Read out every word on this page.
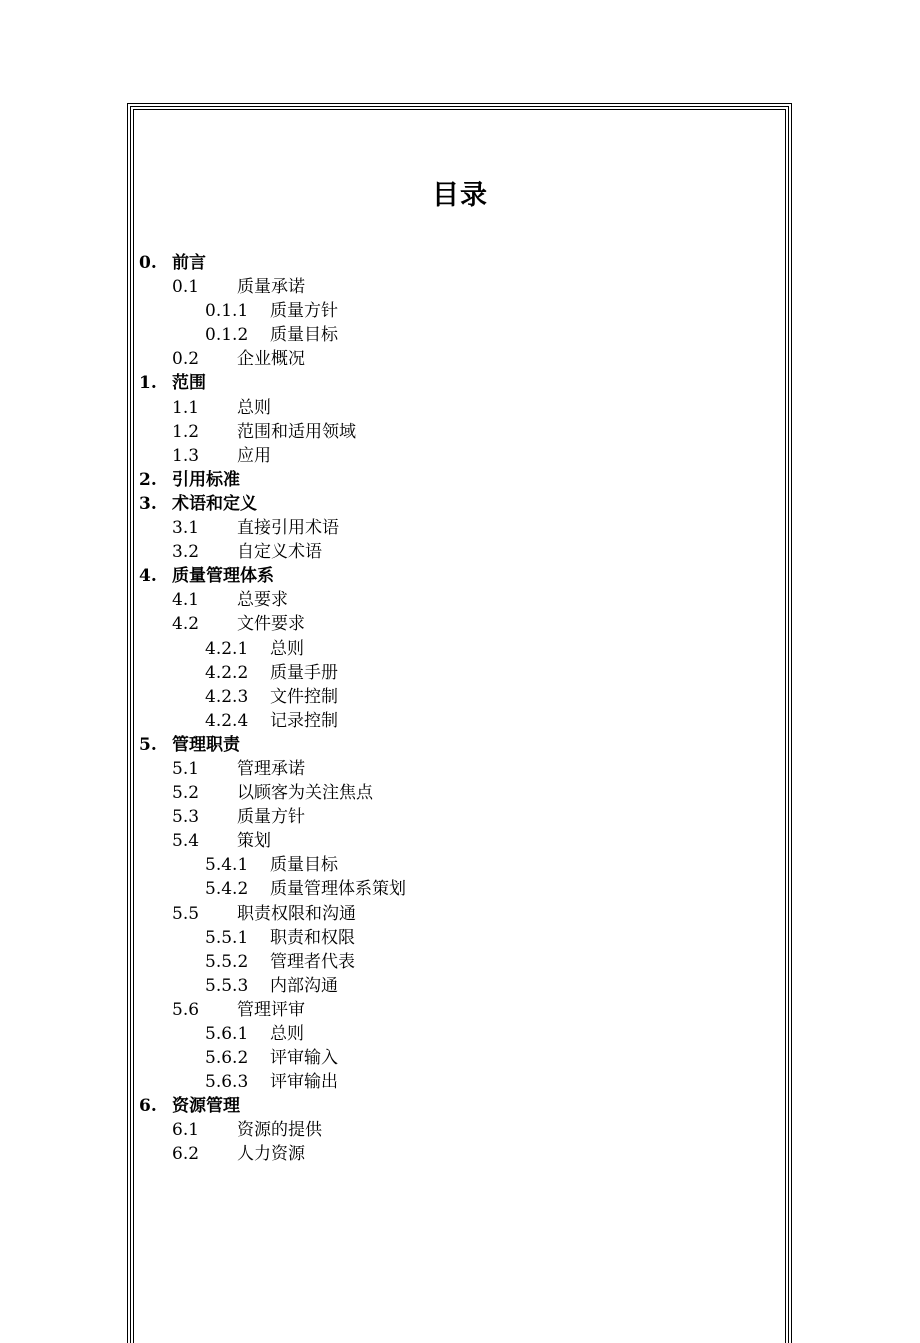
目录
0. 前言
0.1 质量承诺
0.1.1 质量方针
0.1.2 质量目标
0.2 企业概况
1. 范围
1.1 总则
1.2 范围和适用领域
1.3 应用
2. 引用标准
3. 术语和定义
3.1 直接引用术语
3.2 自定义术语
4. 质量管理体系
4.1 总要求
4.2 文件要求
4.2.1 总则
4.2.2 质量手册
4.2.3 文件控制
4.2.4 记录控制
5. 管理职责
5.1 管理承诺
5.2 以顾客为关注焦点
5.3 质量方针
5.4 策划
5.4.1 质量目标
5.4.2 质量管理体系策划
5.5 职责权限和沟通
5.5.1 职责和权限
5.5.2 管理者代表
5.5.3 内部沟通
5.6 管理评审
5.6.1 总则
5.6.2 评审输入
5.6.3 评审输出
6. 资源管理
6.1 资源的提供
6.2 人力资源
